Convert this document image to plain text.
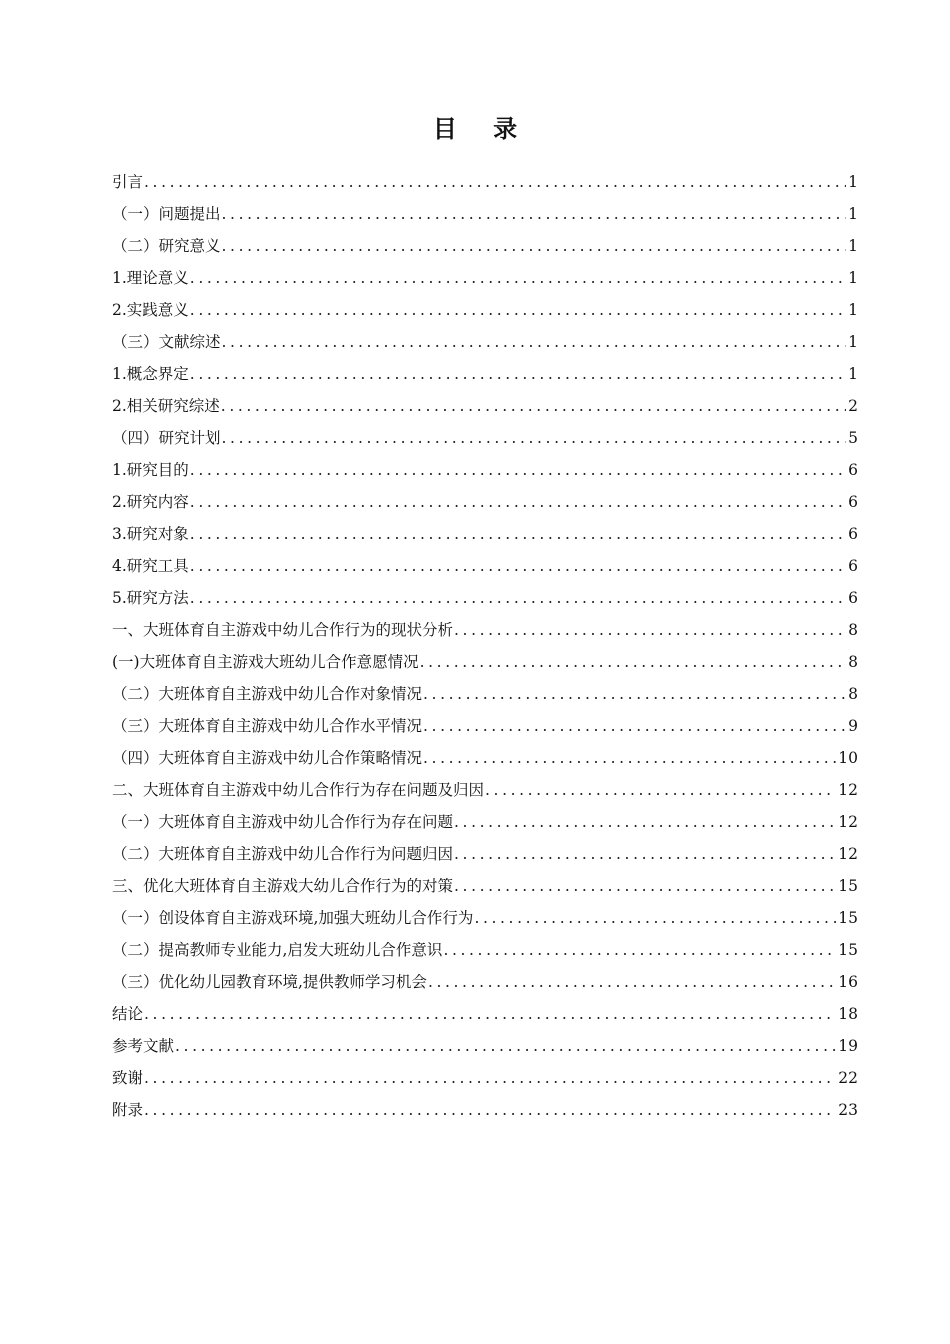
目 录
引言 .....	1
（一）问题提出 .....	1
（二）研究意义 .....	1
1.理论意义 .....	1
2.实践意义 .....	1
（三）文献综述 .....	1
1.概念界定 .....	1
2.相关研究综述 .....	2
（四）研究计划 .....	5
1.研究目的 .....	6
2.研究内容 .....	6
3.研究对象 .....	6
4.研究工具 .....	6
5.研究方法 .....	6
一、大班体育自主游戏中幼儿合作行为的现状分析 .....	8
(一)大班体育自主游戏大班幼儿合作意愿情况 .....	8
（二）大班体育自主游戏中幼儿合作对象情况 .....	8
（三）大班体育自主游戏中幼儿合作水平情况 .....	9
（四）大班体育自主游戏中幼儿合作策略情况 .....	10
二、大班体育自主游戏中幼儿合作行为存在问题及归因 .....	12
（一）大班体育自主游戏中幼儿合作行为存在问题 .....	12
（二）大班体育自主游戏中幼儿合作行为问题归因 .....	12
三、优化大班体育自主游戏大幼儿合作行为的对策 .....	15
（一）创设体育自主游戏环境,加强大班幼儿合作行为 .....	15
（二）提高教师专业能力,启发大班幼儿合作意识 .....	15
（三）优化幼儿园教育环境,提供教师学习机会 .....	16
结论 .....	18
参考文献 .....	19
致谢 .....	22
附录 .....	23
